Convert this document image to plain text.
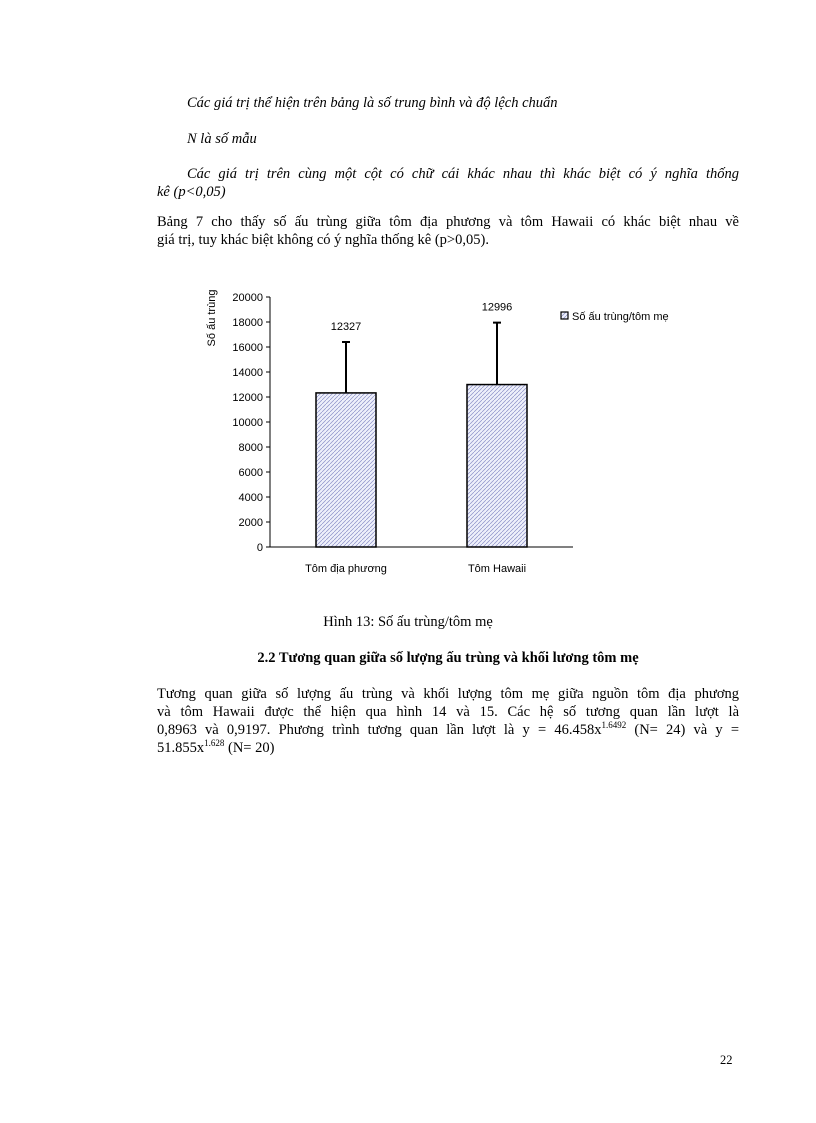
Các giá trị thể hiện trên bảng là số trung bình và độ lệch chuẩn

N là số mẫu

Các giá trị trên cùng một cột có chữ cái khác nhau thì khác biệt có ý nghĩa thống

kê (p<0,05)

Bảng 7 cho thấy số ấu trùng giữa tôm địa phương và tôm Hawaii có khác biệt nhau về

giá trị, tuy khác biệt không có ý nghĩa thống kê (p>0,05).

Số ấu trùng
0
2000
4000
6000
8000
10000
12000
14000
16000
18000
20000
12327
12996
Tôm địa phương	Tôm Hawaii
Số ấu trùng/tôm mẹ
Hình 13: Số ấu trùng/tôm mẹ
2.2 Tương quan giữa số lượng ấu trùng và khối lương tôm mẹ

Tương quan giữa số lượng ấu trùng và khối lượng tôm mẹ giữa nguồn tôm địa phương

và tôm Hawaii được thể hiện qua hình 14 và 15. Các hệ số tương quan lần lượt là

0,8963 và 0,9197. Phương trình tương quan lần lượt là $y = 46.458x^{1.6492}$ (N= 24) và y =

$51.855x^{1.628}$ (N= 20)

22
